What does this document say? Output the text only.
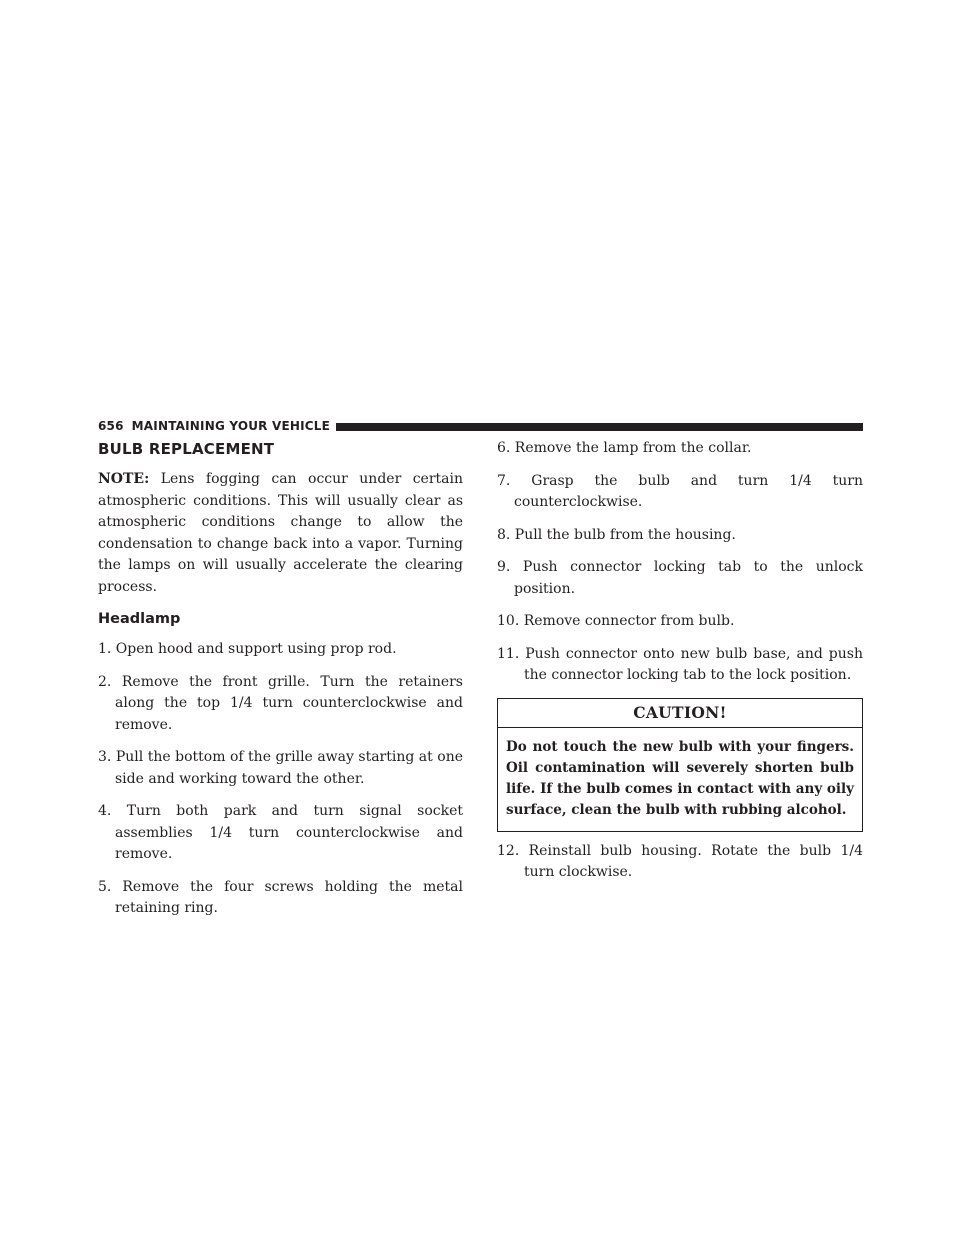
656 MAINTAINING YOUR VEHICLE
BULB REPLACEMENT

NOTE: Lens fogging can occur under certain atmospheric conditions. This will usually clear as atmospheric conditions change to allow the condensation to change back into a vapor. Turning the lamps on will usually accelerate the clearing process.

Headlamp
1. Open hood and support using prop rod.
2. Remove the front grille. Turn the retainers along the top 1/4 turn counterclockwise and remove.
3. Pull the bottom of the grille away starting at one side and working toward the other.
4. Turn both park and turn signal socket assemblies 1/4 turn counterclockwise and remove.
5. Remove the four screws holding the metal retaining ring.
6. Remove the lamp from the collar.
7. Grasp the bulb and turn 1/4 turn counterclockwise.
8. Pull the bulb from the housing.
9. Push connector locking tab to the unlock position.
10. Remove connector from bulb.
11. Push connector onto new bulb base, and push the connector locking tab to the lock position.
CAUTION!

Do not touch the new bulb with your fingers. Oil contamination will severely shorten bulb life. If the bulb comes in contact with any oily surface, clean the bulb with rubbing alcohol.

12. Reinstall bulb housing. Rotate the bulb 1/4 turn clockwise.
